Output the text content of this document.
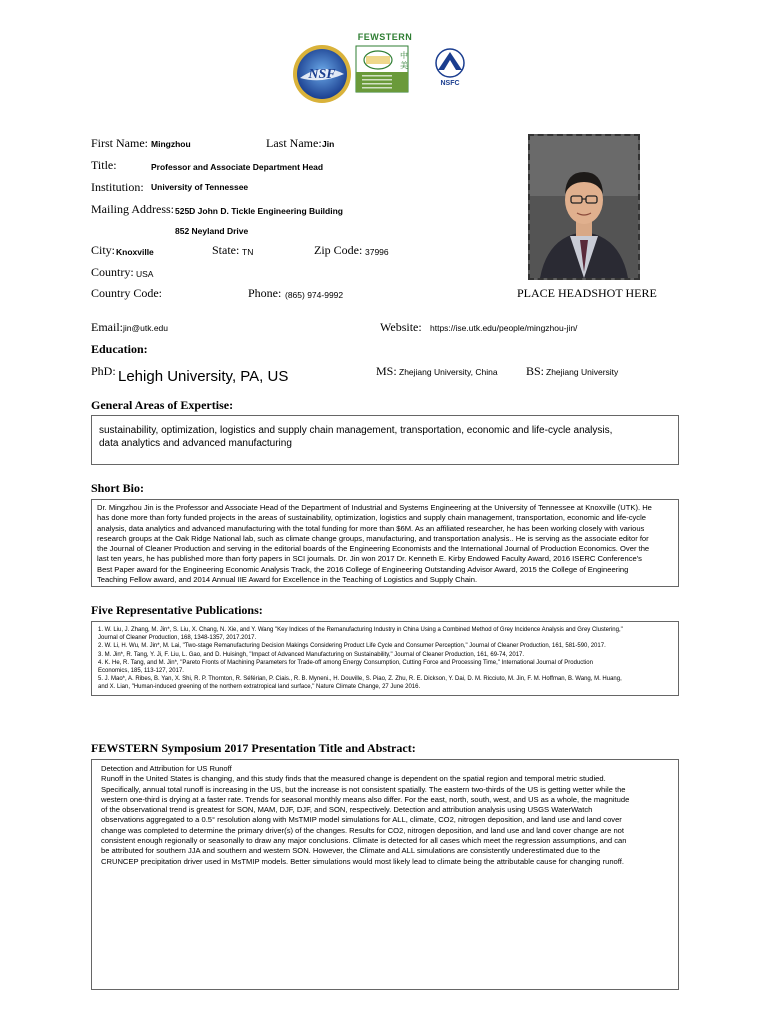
NSF
FEWSTERN
中
美
NSFC
First Name: Mingzhou	Last Name: Jin
Title:	Professor and Associate Department Head
Institution: University of Tennessee
Mailing Address: 525D John D. Tickle Engineering Building
852 Neyland Drive
City: Knoxville	State: TN	Zip Code: 37996
Country: USA
Country Code:	Phone: (865) 974-9992	PLACE HEADSHOT HERE
Email: jin@utk.edu	Website: https://ise.utk.edu/people/mingzhou-jin/
Education:
PhD: Lehigh University, PA, US	MS: Zhejiang University, China BS: Zhejiang University
General Areas of Expertise:
sustainability, optimization, logistics and supply chain management, transportation, economic and life-cycle analysis,
data analytics and advanced manufacturing
Short Bio:
Dr. Mingzhou Jin is the Professor and Associate Head of the Department of Industrial and Systems Engineering at the University of Tennessee at Knoxville (UTK). He
has done more than forty funded projects in the areas of sustainability, optimization, logistics and supply chain management, transportation, economic and life-cycle
analysis, data analytics and advanced manufacturing with the total funding for more than $6M. As an affiliated researcher, he has been working closely with various
research groups at the Oak Ridge National lab, such as climate change groups, manufacturing, and transportation analysis.. He is serving as the associate editor for
the Journal of Cleaner Production and serving in the editorial boards of the Engineering Economists and the International Journal of Production Economics. Over the
last ten years, he has published more than forty papers in SCI journals. Dr. Jin won 2017 Dr. Kenneth E. Kirby Endowed Faculty Award, 2016 ISERC Conference's
Best Paper award for the Engineering Economic Analysis Track, the 2016 College of Engineering Outstanding Advisor Award, 2015 the College of Engineering
Teaching Fellow award, and 2014 Annual IIE Award for Excellence in the Teaching of Logistics and Supply Chain.
Five Representative Publications:
1. W. Liu, J. Zhang, M. Jin*, S. Liu, X. Chang, N. Xie, and Y. Wang "Key Indices of the Remanufacturing Industry in China Using a Combined Method of Grey Incidence Analysis and Grey Clustering,"
Journal of Cleaner Production, 168, 1348-1357, 2017.2017.
2. W. Li, H. Wu, M. Jin*, M. Lai, "Two-stage Remanufacturing Decision Makings Considering Product Life Cycle and Consumer Perception," Journal of Cleaner Production, 161, 581-590, 2017.
3. M. Jin*, R. Tang, Y. Ji, F. Liu, L. Gao, and D. Huisingh, "Impact of Advanced Manufacturing on Sustainability," Journal of Cleaner Production, 161, 69-74, 2017.
4. K. He, R. Tang, and M. Jin*, "Pareto Fronts of Machining Parameters for Trade-off among Energy Consumption, Cutting Force and Processing Time," International Journal of Production
Economics, 185, 113-127, 2017.
5. J. Mao*, A. Ribes, B. Yan, X. Shi, R. P. Thornton, R. Séférian, P. Ciais., R. B. Myneni., H. Douville, S. Piao, Z. Zhu, R. E. Dickson, Y. Dai, D. M. Ricciuto, M. Jin, F. M. Hoffman, B. Wang, M. Huang,
and X. Lian, "Human-induced greening of the northern extratropical land surface," Nature Climate Change, 27 June 2016.
FEWSTERN Symposium 2017 Presentation Title and Abstract:
Detection and Attribution for US Runoff
Runoff in the United States is changing, and this study finds that the measured change is dependent on the spatial region and temporal metric studied.
Specifically, annual total runoff is increasing in the US, but the increase is not consistent spatially. The eastern two-thirds of the US is getting wetter while the
western one-third is drying at a faster rate. Trends for seasonal monthly means also differ. For the east, north, south, west, and US as a whole, the magnitude
of the observational trend is greatest for SON, MAM, DJF, DJF, and SON, respectively. Detection and attribution analysis using USGS WaterWatch
observations aggregated to a 0.5° resolution along with MsTMIP model simulations for ALL, climate, CO2, nitrogen deposition, and land use and land cover
change was completed to determine the primary driver(s) of the changes. Results for CO2, nitrogen deposition, and land use and land cover change are not
consistent enough regionally or seasonally to draw any major conclusions. Climate is detected for all cases which meet the regression assumptions, and can
be attributed for southern JJA and southern and western SON. However, the Climate and ALL simulations are consistently underestimated due to the
CRUNCEP precipitation driver used in MsTMIP models. Better simulations would most likely lead to climate being the attributable cause for changing runoff.
